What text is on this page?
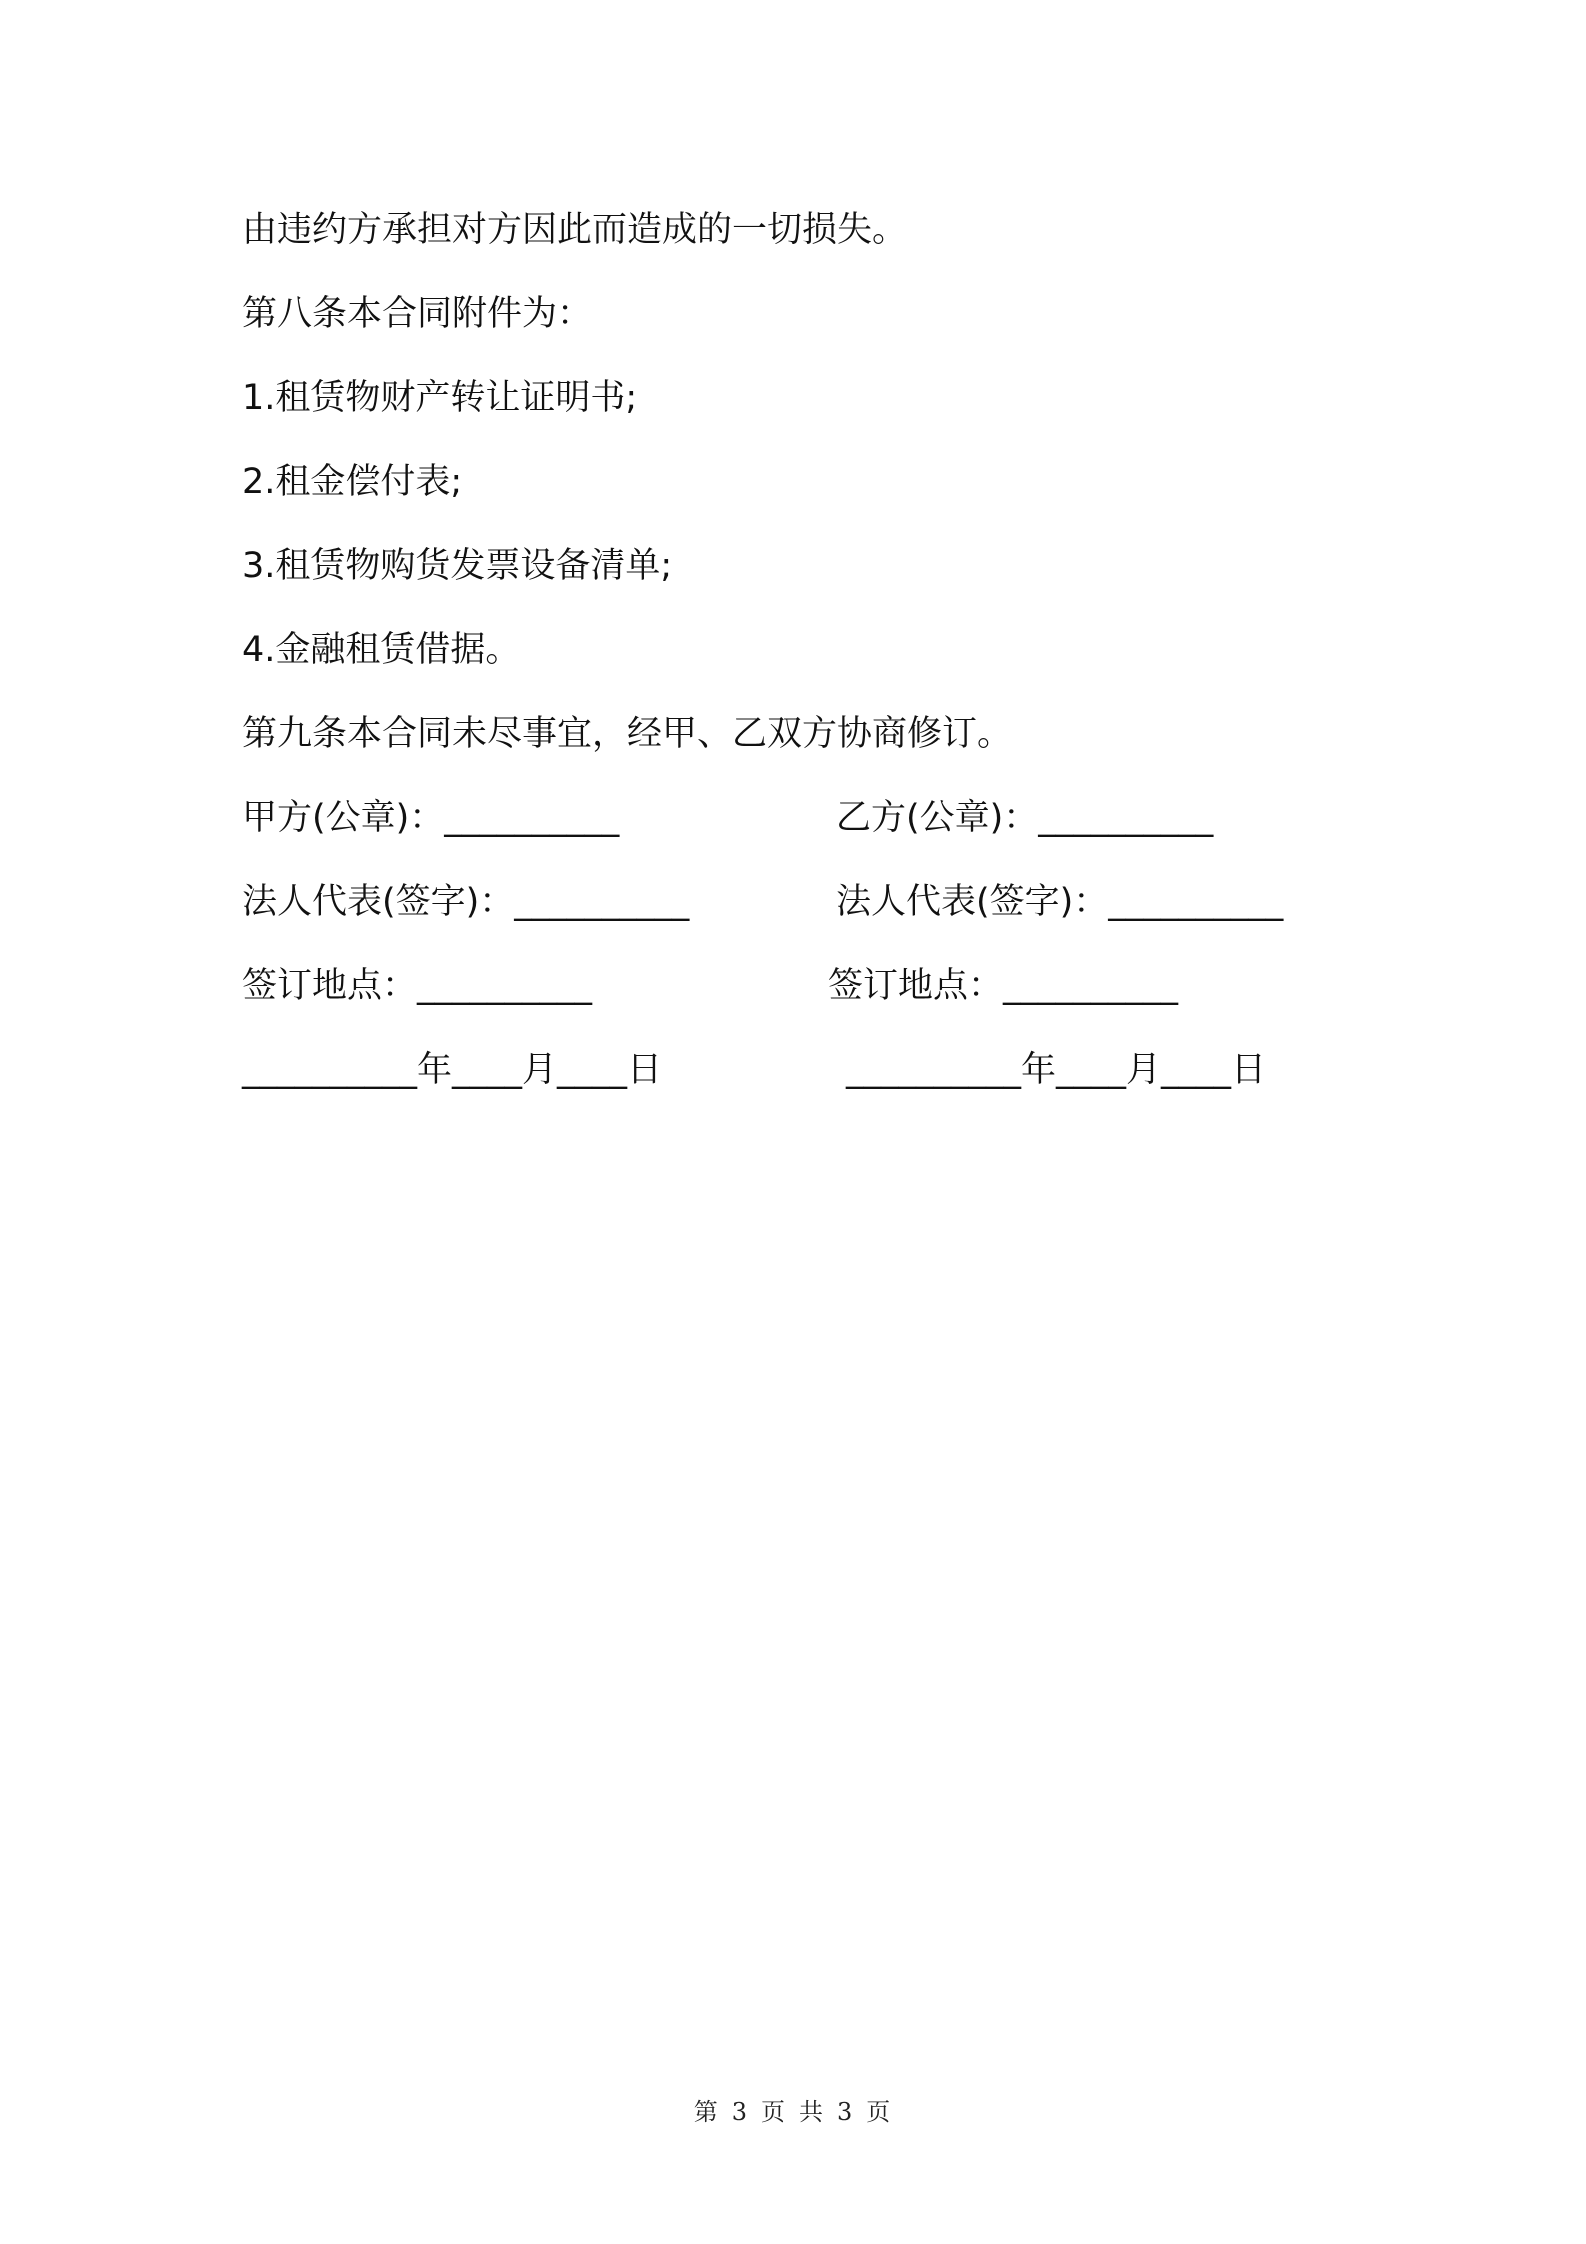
由违约方承担对方因此而造成的一切损失。
第八条本合同附件为：
1.租赁物财产转让证明书;
2.租金偿付表;
3.租赁物购货发票设备清单;
4.金融租赁借据。
第九条本合同未尽事宜，经甲、乙双方协商修订。
甲方(公章)：__________	乙方(公章)：__________
法人代表(签字)：__________	法人代表(签字)：__________
签订地点：__________	签订地点：__________
__________年____月____日	__________年____月____日
第 3 页 共 3 页
